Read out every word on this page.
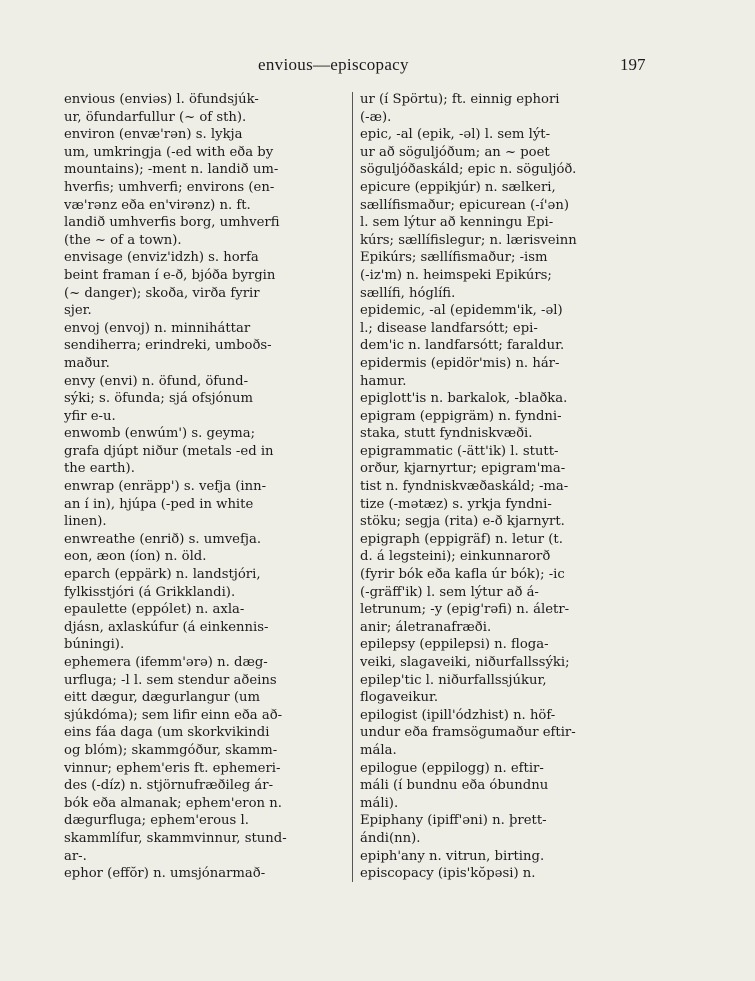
envious—episcopacy	197
envious (enviəs) l. öfundsjúk-
ur, öfundarfullur (~ of sth).
environ (envæ'rən) s. lykja
um, umkringja (-ed with eða by
mountains); -ment n. landið um-
hverfis; umhverfi; environs (en-
væ'rənz eða en'virənz) n. ft.
landið umhverfis borg, umhverfi
(the ~ of a town).
envisage (enviz'idzh) s. horfa
beint framan í e-ð, bjóða byrgin
(~ danger); skoða, virða fyrir
sjer.
envoj (envoj) n. minniháttar
sendiherra; erindreki, umboðs-
maður.
envy (envi) n. öfund, öfund-
sýki; s. öfunda; sjá ofsjónum
yfir e-u.
enwomb (enwúm') s. geyma;
grafa djúpt niður (metals -ed in
the earth).
enwrap (enräpp') s. vefja (inn-
an í in), hjúpa (-ped in white
linen).
enwreathe (enrið) s. umvefja.
eon, æon (íon) n. öld.
eparch (eppärk) n. landstjóri,
fylkisstjóri (á Grikklandi).
epaulette (eppólet) n. axla-
djásn, axlaskúfur (á einkennis-
búningi).
ephemera (ifemm'ərə) n. dæg-
urfluga; -l l. sem stendur aðeins
eitt dægur, dægurlangur (um
sjúkdóma); sem lifir einn eða að-
eins fáa daga (um skorkvikindi
og blóm); skammgóður, skamm-
vinnur; ephem'eris ft. ephemeri-
des (-díz) n. stjörnufræðileg ár-
bók eða almanak; ephem'eron n.
dægurfluga; ephem'erous l.
skammlífur, skammvinnur, stund-
ar-.
ephor (effŏr) n. umsjónarmað-
ur (í Spörtu); ft. einnig ephori
(-æ).
epic, -al (epik, -əl) l. sem lýt-
ur að söguljóðum; an ~ poet
söguljóðaskáld; epic n. söguljóð.
epicure (eppikjúr) n. sælkeri,
sællífismaður; epicurean (-í'ən)
l. sem lýtur að kenningu Epi-
kúrs; sællífislegur; n. lærisveinn
Epikúrs; sællífismaður; -ism
(-iz'm) n. heimspeki Epikúrs;
sællífi, hóglífi.
epidemic, -al (epidemm'ik, -əl)
l.; disease landfarsótt; epi-
dem'ic n. landfarsótt; faraldur.
epidermis (epidör'mis) n. hár-
hamur.
epiglott'is n. barkalok, -blaðka.
epigram (eppigräm) n. fyndni-
staka, stutt fyndniskvæði.
epigrammatic (-ätt'ik) l. stutt-
orður, kjarnyrtur; epigram'ma-
tist n. fyndniskvæðaskáld; -ma-
tize (-mətæz) s. yrkja fyndni-
stöku; segja (rita) e-ð kjarnyrt.
epigraph (eppigräf) n. letur (t.
d. á legsteini); einkunnarorð
(fyrir bók eða kafla úr bók); -ic
(-gräff'ik) l. sem lýtur að á-
letrunum; -y (epig'rəfi) n. áletr-
anir; áletranafræði.
epilepsy (eppilepsi) n. floga-
veiki, slagaveiki, niðurfallssýki;
epilep'tic l. niðurfallssjúkur,
flogaveikur.
epilogist (ipill'ódzhist) n. höf-
undur eða framsögumaður eftir-
mála.
epilogue (eppilogg) n. eftir-
máli (í bundnu eða óbundnu
máli).
Epiphany (ipiff'əni) n. þrett-
ándi(nn).
epiph'any n. vitrun, birting.
episcopacy (ipis'kŏpəsi) n.
